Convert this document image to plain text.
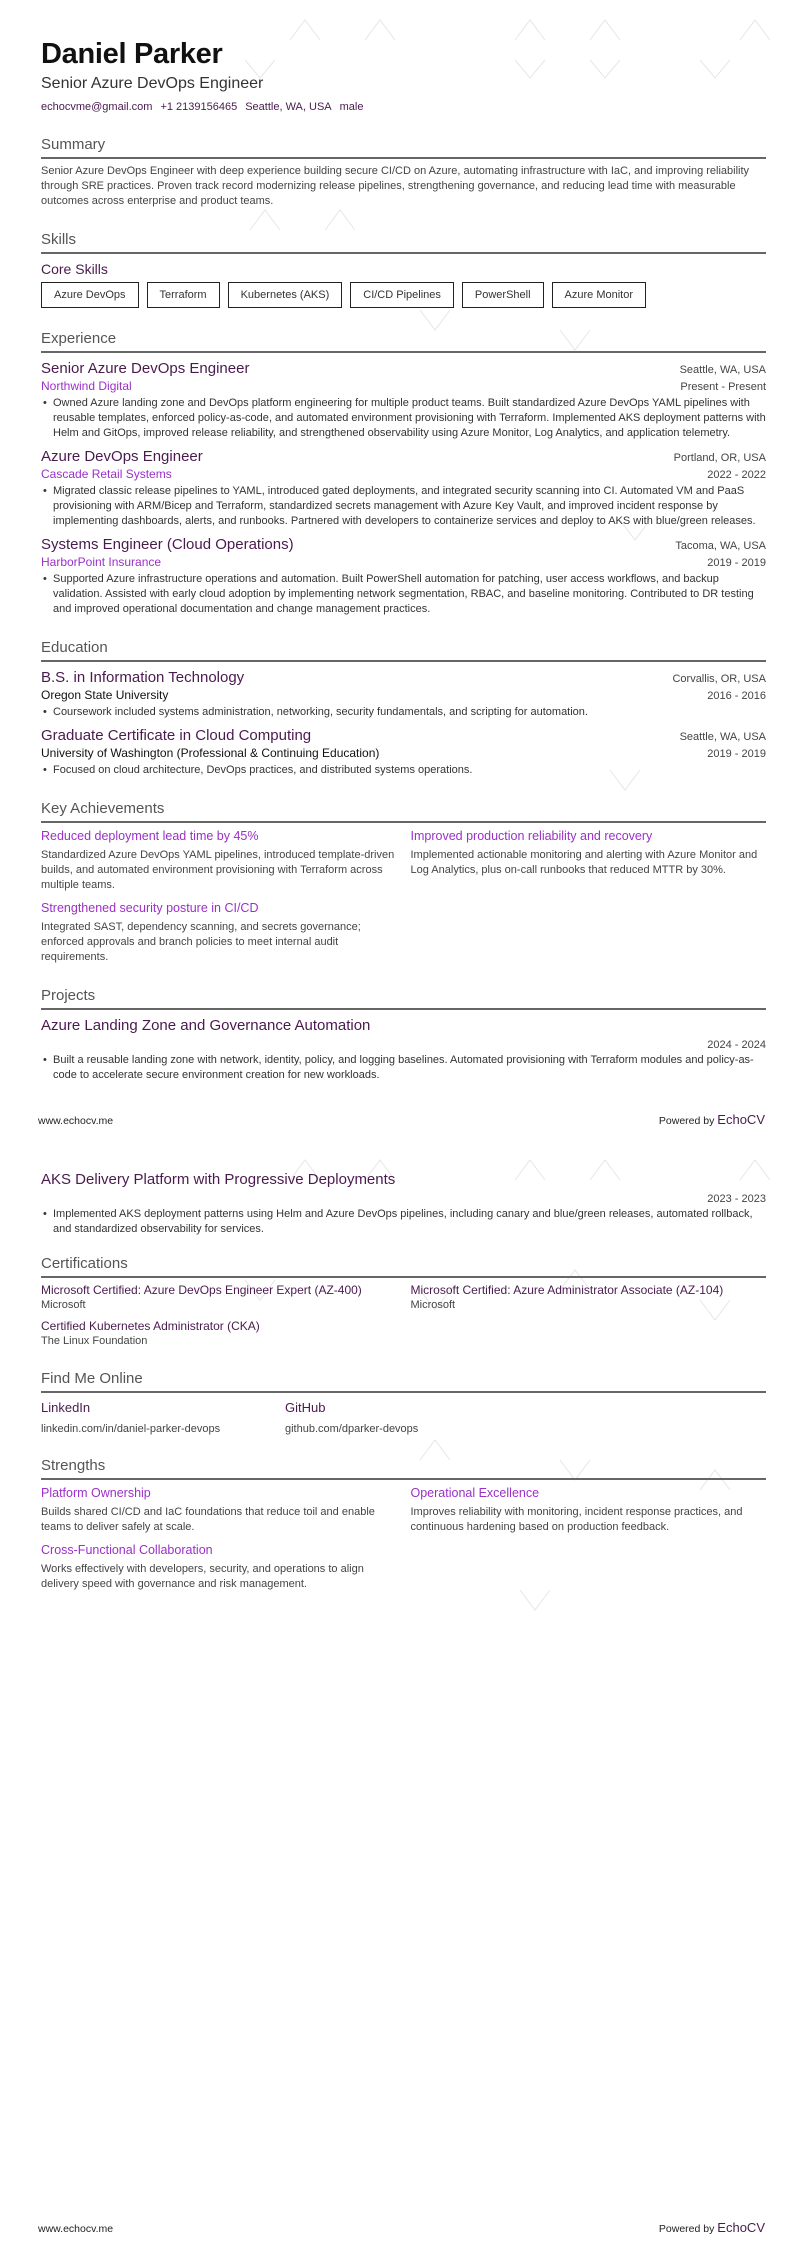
Daniel Parker
Senior Azure DevOps Engineer
echocvme@gmail.com +1 2139156465 Seattle, WA, USA male
Summary
Senior Azure DevOps Engineer with deep experience building secure CI/CD on Azure, automating infrastructure with IaC, and improving reliability through SRE practices. Proven track record modernizing release pipelines, strengthening governance, and reducing lead time with measurable outcomes across enterprise and product teams.
Skills
Core Skills
Azure DevOps	Terraform	Kubernetes (AKS)	CI/CD Pipelines	PowerShell	Azure Monitor
Experience
Senior Azure DevOps Engineer	Seattle, WA, USA
Northwind Digital	Present - Present
• Owned Azure landing zone and DevOps platform engineering for multiple product teams. Built standardized Azure DevOps YAML pipelines with reusable templates, enforced policy-as-code, and automated environment provisioning with Terraform. Implemented AKS deployment patterns with Helm and GitOps, improved release reliability, and strengthened observability using Azure Monitor, Log Analytics, and application telemetry.
Azure DevOps Engineer	Portland, OR, USA
Cascade Retail Systems	2022 - 2022
• Migrated classic release pipelines to YAML, introduced gated deployments, and integrated security scanning into CI. Automated VM and PaaS provisioning with ARM/Bicep and Terraform, standardized secrets management with Azure Key Vault, and improved incident response by implementing dashboards, alerts, and runbooks. Partnered with developers to containerize services and deploy to AKS with blue/green releases.
Systems Engineer (Cloud Operations)	Tacoma, WA, USA
HarborPoint Insurance	2019 - 2019
• Supported Azure infrastructure operations and automation. Built PowerShell automation for patching, user access workflows, and backup validation. Assisted with early cloud adoption by implementing network segmentation, RBAC, and baseline monitoring. Contributed to DR testing and improved operational documentation and change management practices.
Education
B.S. in Information Technology	Corvallis, OR, USA
Oregon State University	2016 - 2016
• Coursework included systems administration, networking, security fundamentals, and scripting for automation.
Graduate Certificate in Cloud Computing	Seattle, WA, USA
University of Washington (Professional & Continuing Education)	2019 - 2019
• Focused on cloud architecture, DevOps practices, and distributed systems operations.
Key Achievements
Reduced deployment lead time by 45%
Standardized Azure DevOps YAML pipelines, introduced template-driven builds, and automated environment provisioning with Terraform across multiple teams.
Improved production reliability and recovery
Implemented actionable monitoring and alerting with Azure Monitor and Log Analytics, plus on-call runbooks that reduced MTTR by 30%.
Strengthened security posture in CI/CD
Integrated SAST, dependency scanning, and secrets governance; enforced approvals and branch policies to meet internal audit requirements.
Projects
Azure Landing Zone and Governance Automation
2024 - 2024
• Built a reusable landing zone with network, identity, policy, and logging baselines. Automated provisioning with Terraform modules and policy-as-code to accelerate secure environment creation for new workloads.
www.echocv.me	Powered by EchoCV
AKS Delivery Platform with Progressive Deployments
2023 - 2023
• Implemented AKS deployment patterns using Helm and Azure DevOps pipelines, including canary and blue/green releases, automated rollback, and standardized observability for services.
Certifications
Microsoft Certified: Azure DevOps Engineer Expert (AZ-400)
Microsoft
Microsoft Certified: Azure Administrator Associate (AZ-104)
Microsoft
Certified Kubernetes Administrator (CKA)
The Linux Foundation
Find Me Online
LinkedIn
linkedin.com/in/daniel-parker-devops
GitHub
github.com/dparker-devops
Strengths
Platform Ownership
Builds shared CI/CD and IaC foundations that reduce toil and enable teams to deliver safely at scale.
Operational Excellence
Improves reliability with monitoring, incident response practices, and continuous hardening based on production feedback.
Cross-Functional Collaboration
Works effectively with developers, security, and operations to align delivery speed with governance and risk management.
www.echocv.me	Powered by EchoCV
